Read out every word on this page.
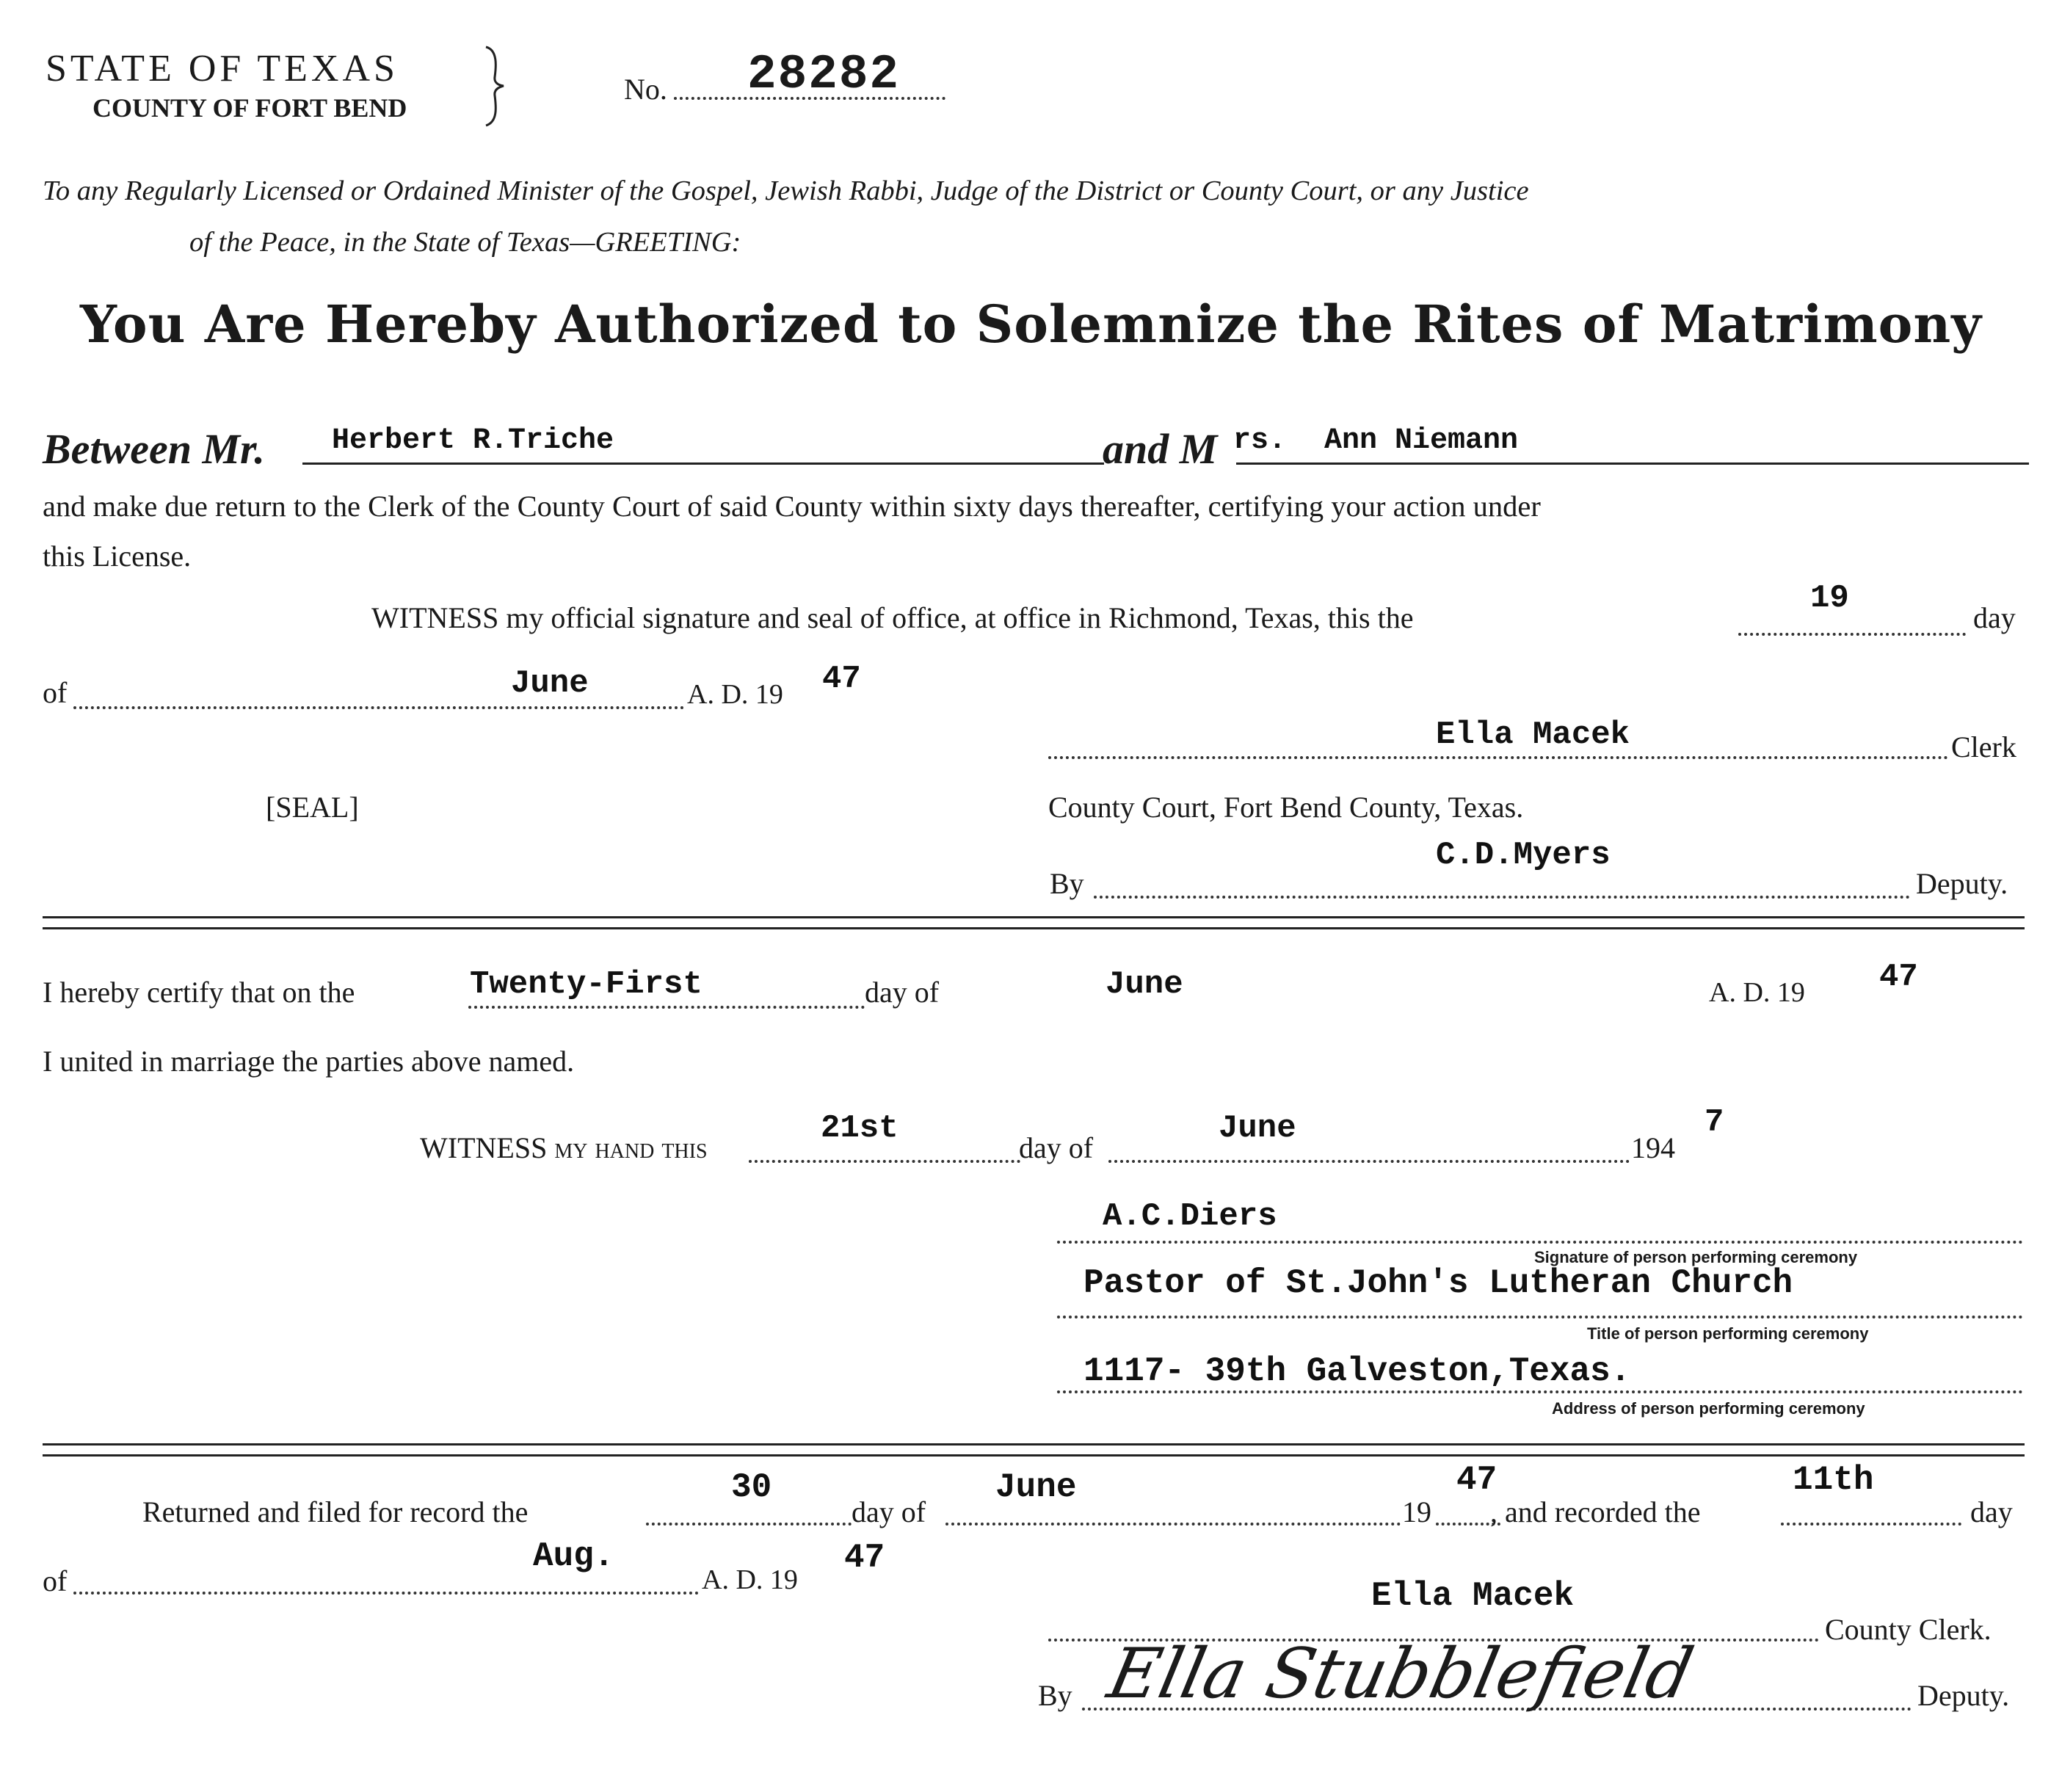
STATE OF TEXAS
COUNTY OF FORT BEND
No. 28282
To any Regularly Licensed or Ordained Minister of the Gospel, Jewish Rabbi, Judge of the District or County Court, or any Justice
of the Peace, in the State of Texas—GREETING:
You Are Hereby Authorized to Solemnize the Rites of Matrimony
Between Mr. Herbert R.Triche	and M rs. Ann Niemann
and make due return to the Clerk of the County Court of said County within sixty days thereafter, certifying your action under
this License.
WITNESS my official signature and seal of office, at office in Richmond, Texas, this the
19
day
of	June	A. D. 19 47
Ella Macek	Clerk
[SEAL]	County Court, Fort Bend County, Texas.
By
C.D.Myers
Deputy.
I hereby certify that on the	Twenty-First	day of	June	A. D. 19 47
I united in marriage the parties above named.
WITNESS my hand this
21st
day of
June
194
7
A.C.Diers
Signature of person performing ceremony
Pastor of St.John's Lutheran Church
Title of person performing ceremony
1117- 39th Galveston,Texas.
Address of person performing ceremony
Returned and filed for record the
30
day of
June
19
47
, and recorded the
11th
day
of
Aug.
A. D. 19
47
Ella Macek
County Clerk.
By Ella Stubblefield	Deputy.
